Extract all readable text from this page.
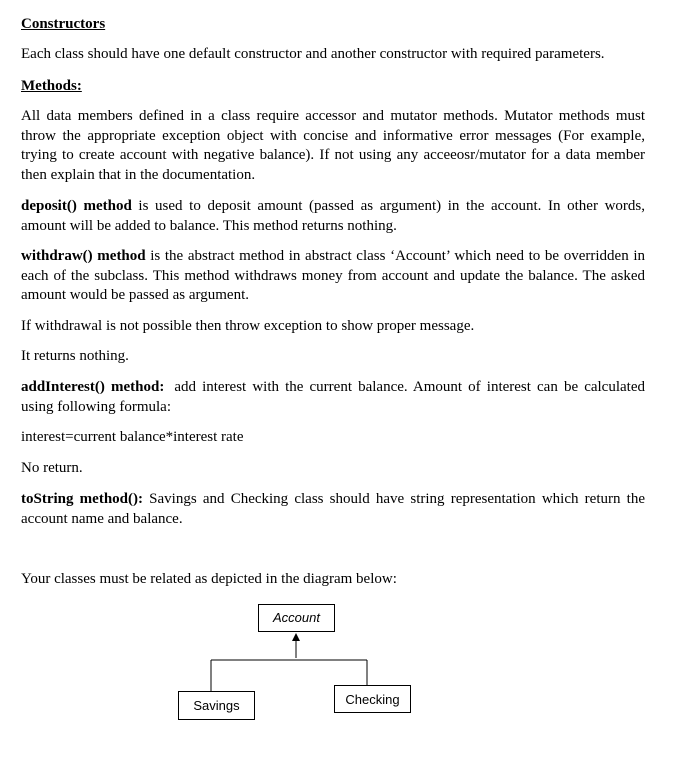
Constructors
Each class should have one default constructor and another constructor with required parameters.
Methods:
All data members defined in a class require accessor and mutator methods. Mutator methods must throw the appropriate exception object with concise and informative error messages (For example, trying to create account with negative balance). If not using any acceeosr/mutator for a data member then explain that in the documentation.
deposit() method is used to deposit amount (passed as argument) in the account. In other words, amount will be added to balance. This method returns nothing.
withdraw() method is the abstract method in abstract class ‘Account’ which need to be overridden in each of the subclass. This method withdraws money from account and update the balance. The asked amount would be passed as argument.
If withdrawal is not possible then throw exception to show proper message.
It returns nothing.
addInterest() method: add interest with the current balance. Amount of interest can be calculated using following formula:
interest=current balance*interest rate
No return.
toString method(): Savings and Checking class should have string representation which return the account name and balance.
Your classes must be related as depicted in the diagram below:
Account
Savings	Checking
